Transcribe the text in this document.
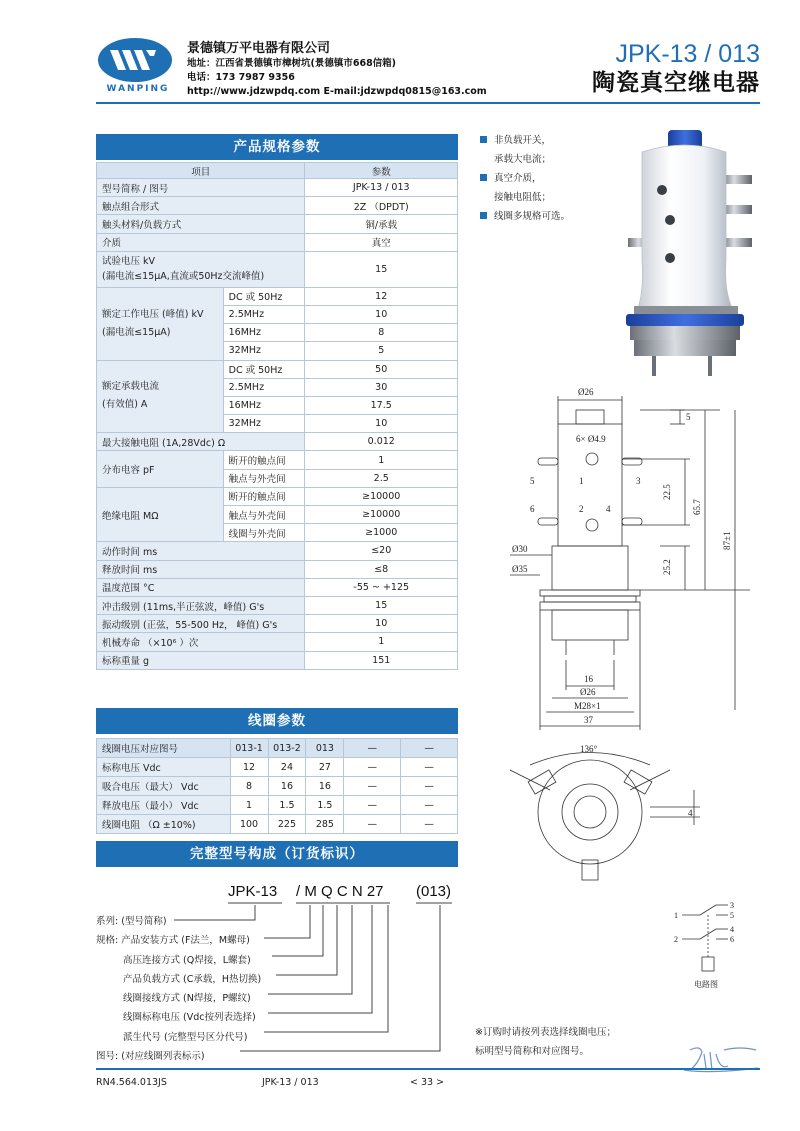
WANPING
景德镇万平电器有限公司
地址：江西省景德镇市樟树坑(景德镇市668信箱)
电话：173 7987 9356
http://www.jdzwpdq.com E-mail:jdzwpdq0815@163.com
JPK-13 / 013
陶瓷真空继电器
产品规格参数
项目		参数
型号简称 / 图号		JPK-13 / 013
触点组合形式		2Z （DPDT)
触头材料/负载方式		铜/承载
介质		真空

试验电压 kV
(漏电流≤15μA,直流或50Hz交流峰值)		15

额定工作电压 (峰值) kV
(漏电流≤15μA)	DC 或 50Hz	12
	2.5MHz	10
	16MHz	8
	32MHz	5

额定承载电流
(有效值) A	DC 或 50Hz	50
	2.5MHz	30
	16MHz	17.5
	32MHz	10
最大接触电阻 (1A,28Vdc) Ω		0.012
分布电容 pF	断开的触点间	1
	触点与外壳间	2.5
绝缘电阻 MΩ	断开的触点间	≥10000
	触点与外壳间	≥10000
	线圈与外壳间	≥1000
动作时间 ms		≤20
释放时间 ms		≤8
温度范围 °C		-55 ~ +125
冲击级别 (11ms,半正弦波，峰值) G's		15
振动级别 (正弦，55-500 Hz， 峰值) G's		10
机械寿命 （×10⁶ ）次		1
标称重量 g		151
线圈参数
线圈电压对应图号	013-1	013-2	013	—	—
标称电压 Vdc	12	24	27	—	—
吸合电压（最大） Vdc	8	16	16	—	—
释放电压（最小） Vdc	1	1.5	1.5	—	—
线圈电阻 （Ω ±10%)	100	225	285	—	—
完整型号构成（订货标识）
JPK-13 / M Q C N 27 (013)
系列: (型号简称)
规格: 产品安装方式 (F法兰，M螺母)
高压连接方式 (Q焊接，L螺套)
产品负载方式 (C承载，H热切换)
线圈接线方式 (N焊接，P螺纹)
线圈标称电压 (Vdc按列表选择)
派生代号 (完整型号区分代号)
图号: (对应线圈列表标示)
非负载开关，
承载大电流；
真空介质，
接触电阻低；
线圈多规格可选。
Ø26
5
6× Ø4.9
1
2
3
4
5
6
22.5
65.7
87±1
25.2
Ø30
Ø35
16
Ø26
M28×1
37
136°
4
1
2
3
4
5
6
电路图
※订购时请按列表选择线圈电压；
标明型号简称和对应图号。
RN4.564.013JS	JPK-13 / 013	< 33 >
